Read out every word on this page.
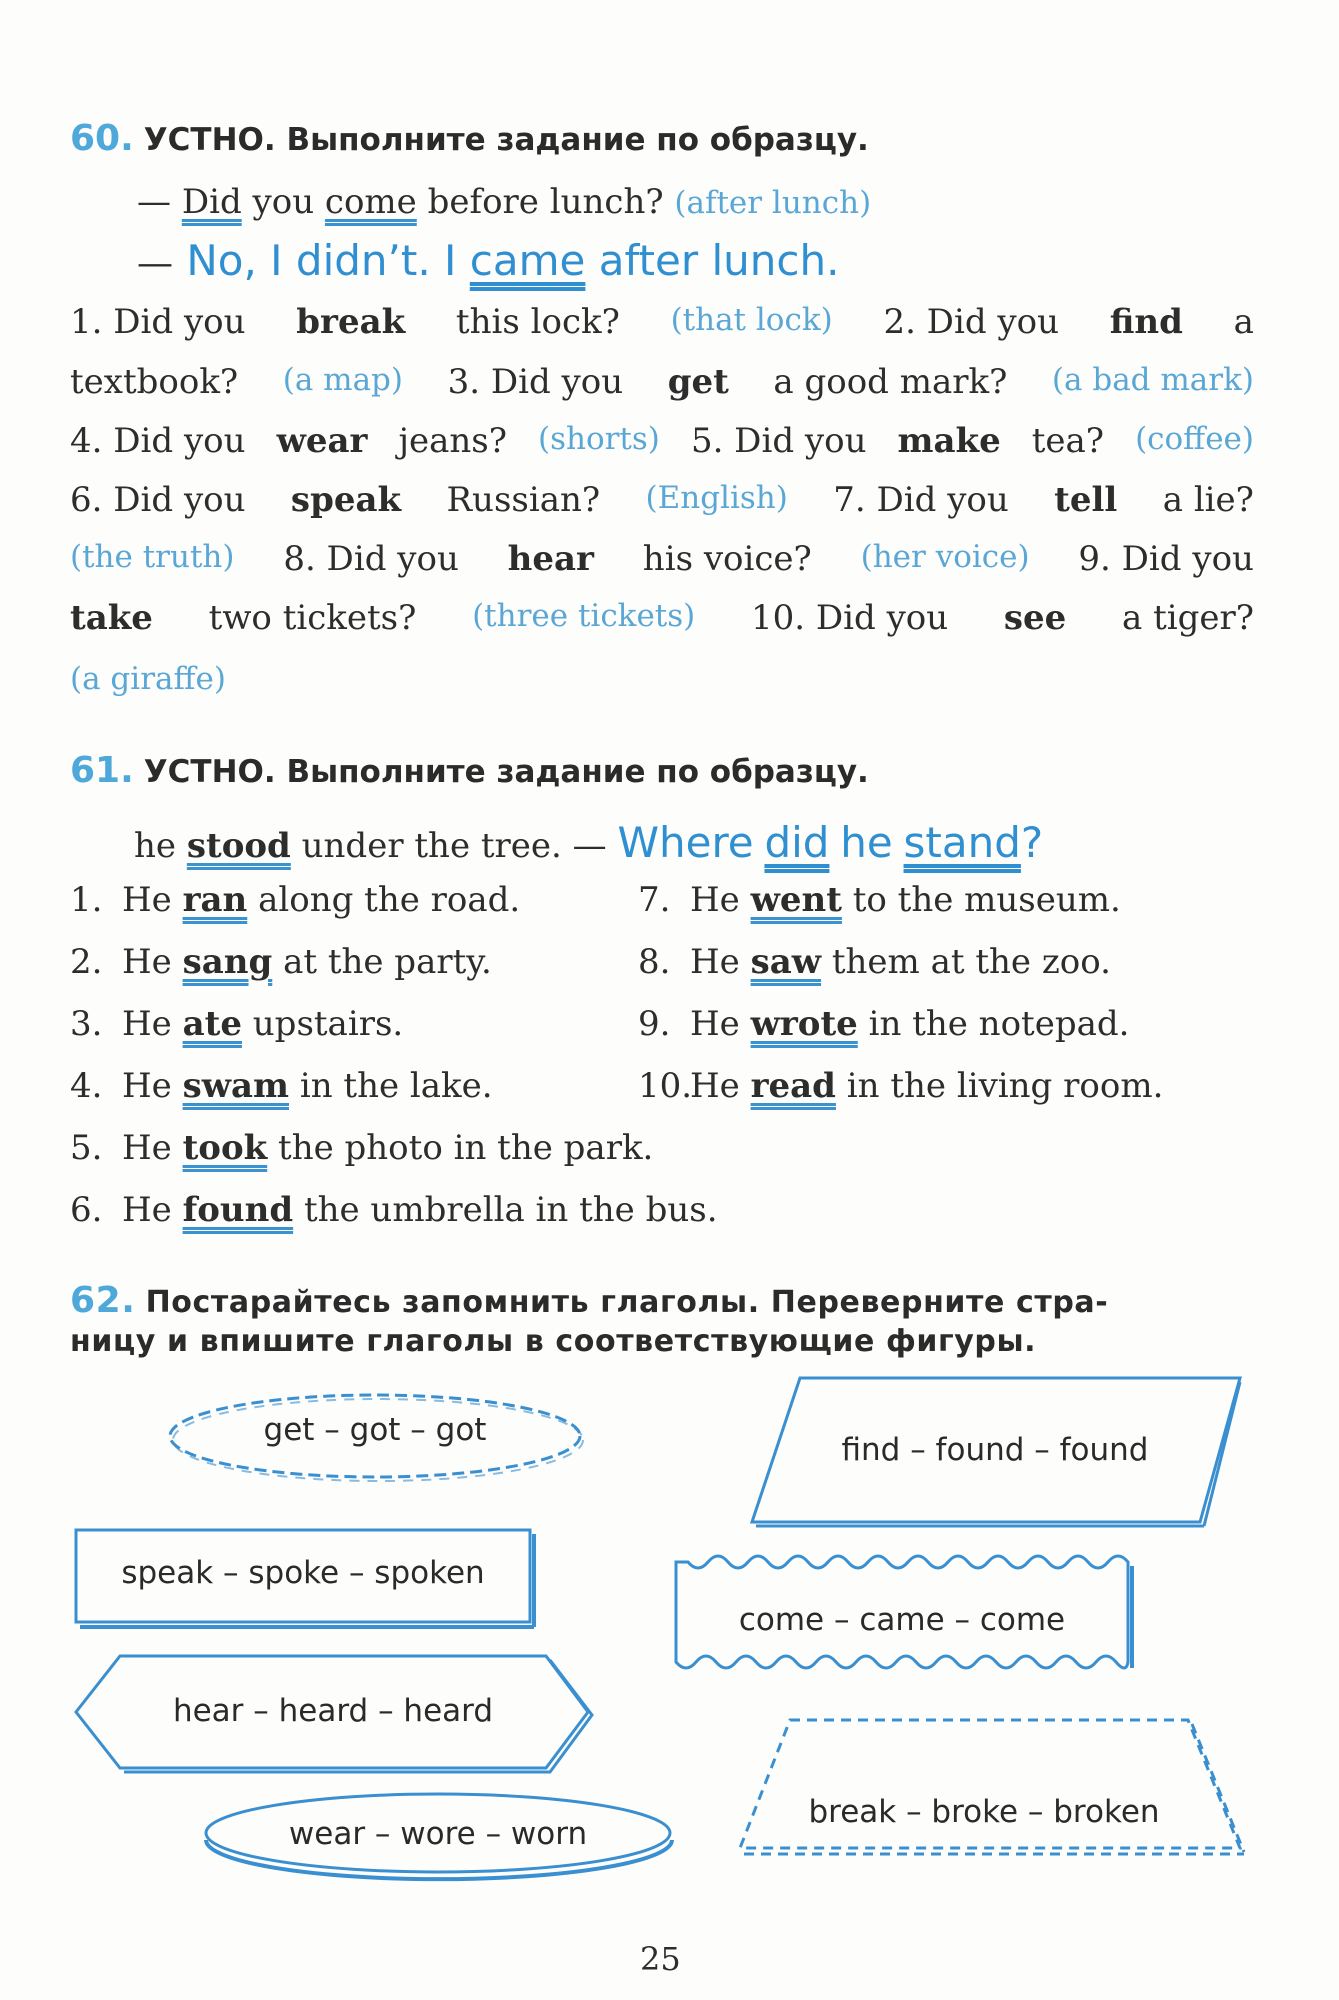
60. УСТНО. Выполните задание по образцу.
— Did you come before lunch? (after lunch)
— No, I didn’t. I came after lunch.
1. Did you break this lock? (that lock) 2. Did you find a
textbook? (a map) 3. Did you get a good mark? (a bad mark)
4. Did you wear jeans? (shorts) 5. Did you make tea? (coffee)
6. Did you speak Russian? (English) 7. Did you tell a lie?
(the truth) 8. Did you hear his voice? (her voice) 9. Did you
take two tickets? (three tickets) 10. Did you see a tiger?
(a giraffe)
61. УСТНО. Выполните задание по образцу.
he stood under the tree. — Where did he stand?
1. He ran along the road.
2. He sang at the party.
3. He ate upstairs.
4. He swam in the lake.
7. He went to the museum.
8. He saw them at the zoo.
9. He wrote in the notepad.
10.He read in the living room.
5. He took the photo in the park.
6. He found the umbrella in the bus.
62. Постарайтесь запомнить глаголы. Переверните стра-
ницу и впишите глаголы в соответствующие фигуры.
get – got – got
find – found – found
speak – spoke – spoken
come – came – come
hear – heard – heard
break – broke – broken
wear – wore – worn
25
